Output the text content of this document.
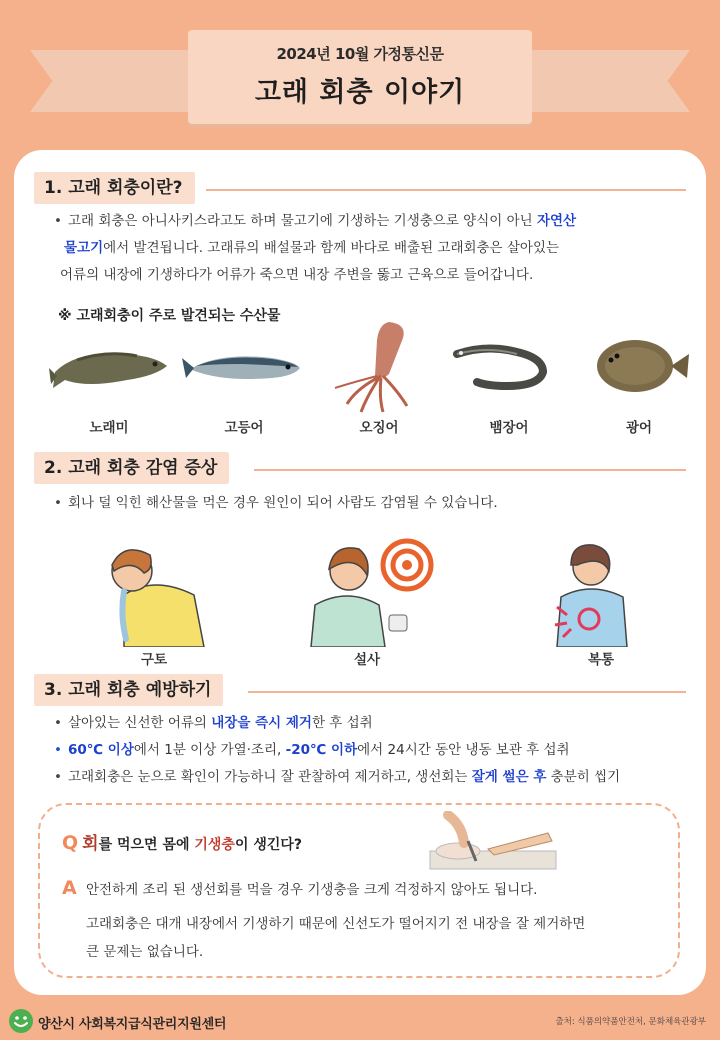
2024년 10월 가정통신문
고래 회충 이야기
1. 고래 회충이란?
• 고래 회충은 아니사키스라고도 하며 물고기에 기생하는 기생충으로 양식이 아닌 자연산
물고기에서 발견됩니다. 고래류의 배설물과 함께 바다로 배출된 고래회충은 살아있는
어류의 내장에 기생하다가 어류가 죽으면 내장 주변을 뚫고 근육으로 들어갑니다.
※ 고래회충이 주로 발견되는 수산물
노래미	고등어	오징어	뱀장어	광어
2. 고래 회충 감염 증상
• 회나 덜 익힌 해산물을 먹은 경우 원인이 되어 사람도 감염될 수 있습니다.
구토	설사	복통
3. 고래 회충 예방하기
• 살아있는 신선한 어류의 내장을 즉시 제거한 후 섭취
• 60℃ 이상에서 1분 이상 가열·조리, -20℃ 이하에서 24시간 동안 냉동 보관 후 섭취
• 고래회충은 눈으로 확인이 가능하니 잘 관찰하여 제거하고, 생선회는 잘게 썰은 후 충분히 씹기
Q 회를 먹으면 몸에 기생충이 생긴다?
A 안전하게 조리 된 생선회를 먹을 경우 기생충을 크게 걱정하지 않아도 됩니다.
고래회충은 대개 내장에서 기생하기 때문에 신선도가 떨어지기 전 내장을 잘 제거하면
큰 문제는 없습니다.
양산시 사회복지급식관리지원센터	출처: 식품의약품안전처, 문화체육관광부
